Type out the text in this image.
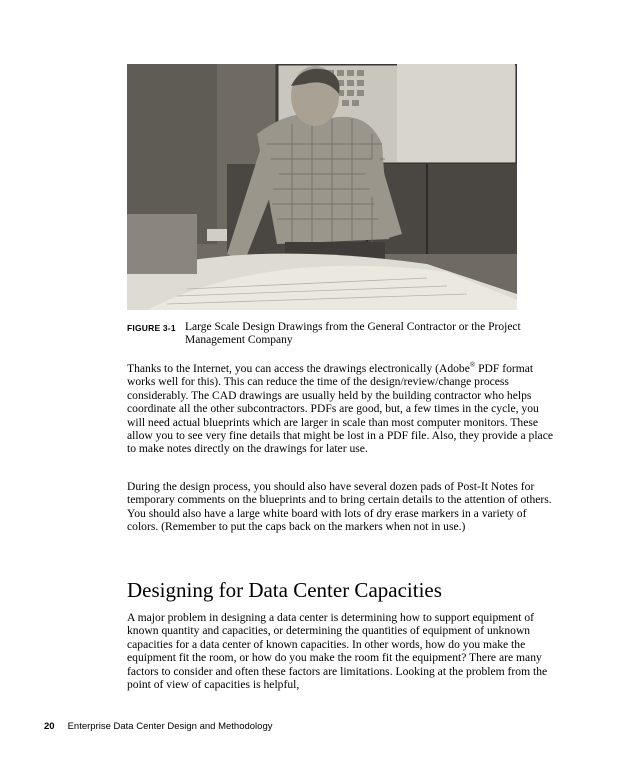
FIGURE 3-1 Large Scale Design Drawings from the General Contractor or the Project Management Company

Thanks to the Internet, you can access the drawings electronically (Adobe® PDF format works well for this). This can reduce the time of the design/review/change process considerably. The CAD drawings are usually held by the building contractor who helps coordinate all the other subcontractors. PDFs are good, but, a few times in the cycle, you will need actual blueprints which are larger in scale than most computer monitors. These allow you to see very fine details that might be lost in a PDF file. Also, they provide a place to make notes directly on the drawings for later use.

During the design process, you should also have several dozen pads of Post-It Notes for temporary comments on the blueprints and to bring certain details to the attention of others. You should also have a large white board with lots of dry erase markers in a variety of colors. (Remember to put the caps back on the markers when not in use.)

Designing for Data Center Capacities

A major problem in designing a data center is determining how to support equipment of known quantity and capacities, or determining the quantities of equipment of unknown capacities for a data center of known capacities. In other words, how do you make the equipment fit the room, or how do you make the room fit the equipment? There are many factors to consider and often these factors are limitations. Looking at the problem from the point of view of capacities is helpful,

20 Enterprise Data Center Design and Methodology
